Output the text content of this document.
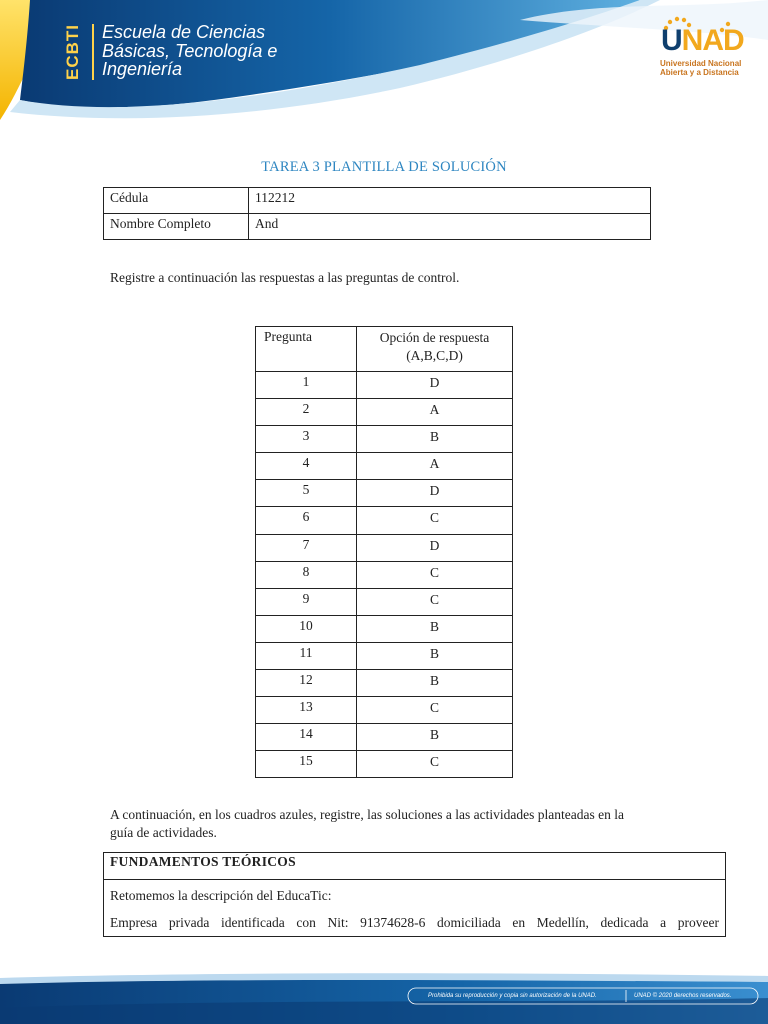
ECBTI Escuela de Ciencias
Básicas, Tecnología e
Ingeniería
UNAD
Universidad Nacional
Abierta y a Distancia
TAREA 3 PLANTILLA DE SOLUCIÓN
Cédula	112212
Nombre Completo	And
Registre a continuación las respuestas a las preguntas de control.
Pregunta	Opción de respuesta
(A,B,C,D)

1	D
2	A
3	B
4	A
5	D
6	C
7	D
8	C
9	C
10	B
11	B
12	B
13	C
14	B
15	C
A continuación, en los cuadros azules, registre, las soluciones a las actividades planteadas en la guía de actividades.
FUNDAMENTOS TEÓRICOS

Retomemos la descripción del EducaTic:
Empresa privada identificada con Nit: 91374628-6 domiciliada en Medellín, dedicada a proveer
Prohibida su reproducción y copia sin autorización de la UNAD.	UNAD © 2020 derechos reservados.
